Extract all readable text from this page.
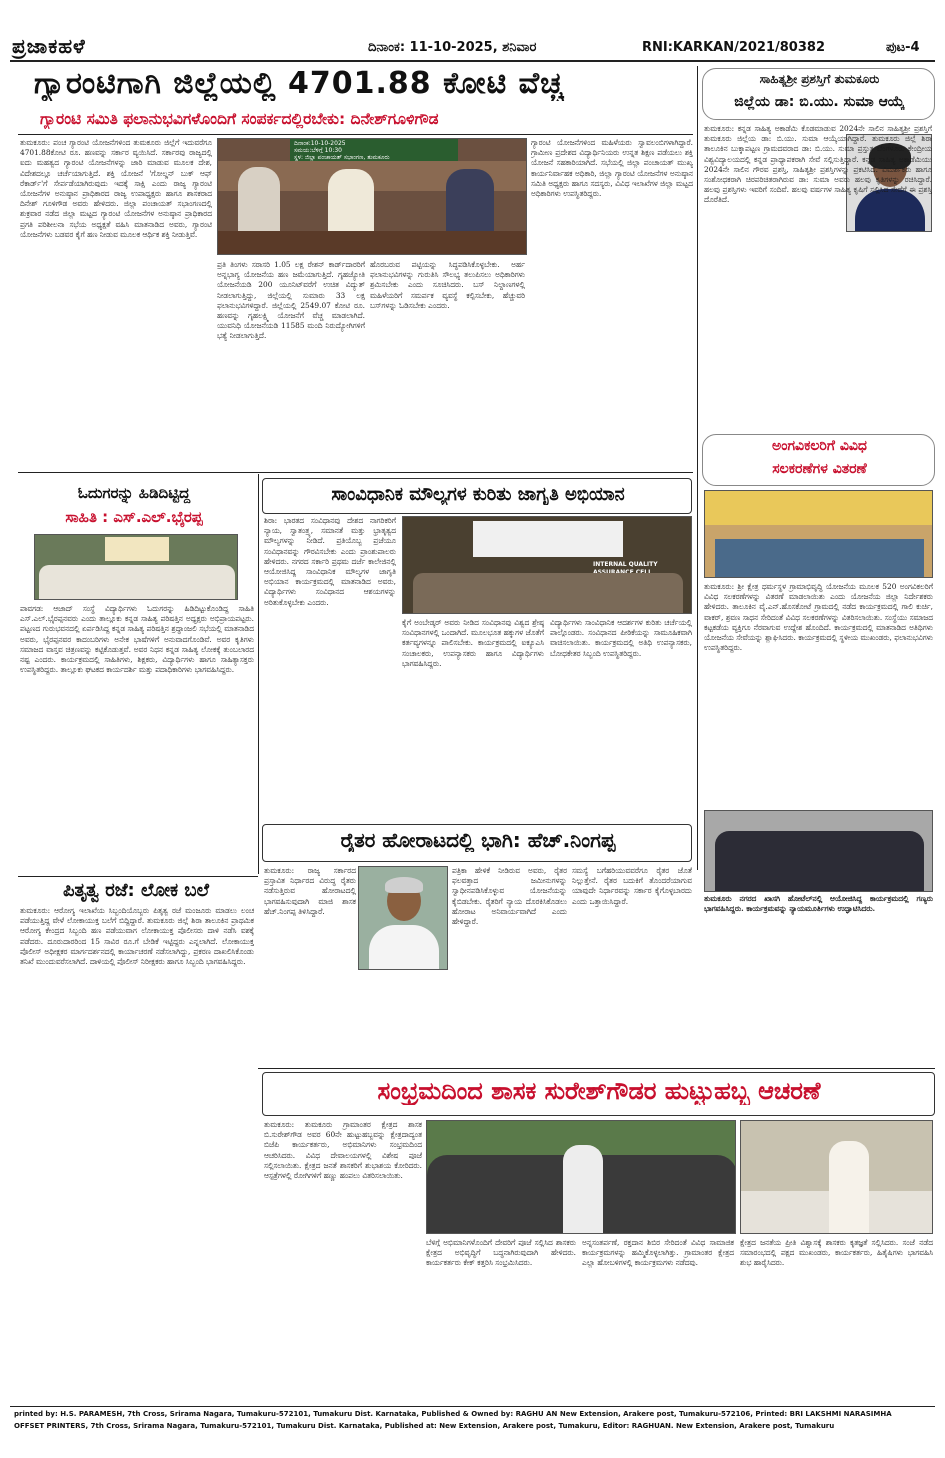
ಪ್ರಜಾಕಹಳೆ	ದಿನಾಂಕ: 11-10-2025, ಶನಿವಾರ	RNI:KARKAN/2021/80382	ಪುಟ-4
ಗ್ಯಾರಂಟಿಗಾಗಿ ಜಿಲ್ಲೆಯಲ್ಲಿ 4701.88 ಕೋಟಿ ವೆಚ್ಚ
ಗ್ಯಾರಂಟಿ ಸಮಿತಿ ಫಲಾನುಭವಿಗಳೊಂದಿಗೆ ಸಂಪರ್ಕದಲ್ಲಿರಬೇಕು: ದಿನೇಶ್‌ಗೂಳಿಗೌಡ
ತುಮಕೂರು: ಪಂಚ ಗ್ಯಾರಂಟಿ ಯೋಜನೆಗಳಿಂದ ತುಮಕೂರು ಜಿಲ್ಲೆಗೆ ಇದುವರೆಗೂ 4701.88ಕೋಟಿ ರೂ. ಹಣವನ್ನು ಸರ್ಕಾರ ವ್ಯಯಿಸಿದೆ. ಸರ್ಕಾರವು ರಾಜ್ಯದಲ್ಲಿ ಐದು ಮಹತ್ವದ ಗ್ಯಾರಂಟಿ ಯೋಜನೆಗಳನ್ನು ಜಾರಿ ಮಾಡುವ ಮೂಲಕ ದೇಶ, ವಿದೇಶದಲ್ಲೂ ಚರ್ಚೆಯಾಗುತ್ತಿದೆ. ಶಕ್ತಿ ಯೋಜನೆ 'ಗೋಲ್ಡನ್ ಬುಕ್ ಆಫ್ ರೆಕಾರ್ಡ್'ಗೆ ಸೇರ್ಪಡೆಯಾಗಿರುವುದು ಇದಕ್ಕೆ ಸಾಕ್ಷಿ ಎಂದು ರಾಜ್ಯ ಗ್ಯಾರಂಟಿ ಯೋಜನೆಗಳ ಅನುಷ್ಠಾನ ಪ್ರಾಧಿಕಾರದ ರಾಜ್ಯ ಉಪಾಧ್ಯಕ್ಷರು ಹಾಗೂ ಶಾಸಕರಾದ ದಿನೇಶ್ ಗೂಳಿಗೌಡ ಅವರು ಹೇಳಿದರು. ಜಿಲ್ಲಾ ಪಂಚಾಯತ್ ಸಭಾಂಗಣದಲ್ಲಿ ಶುಕ್ರವಾರ ನಡೆದ ಜಿಲ್ಲಾ ಮಟ್ಟದ ಗ್ಯಾರಂಟಿ ಯೋಜನೆಗಳ ಅನುಷ್ಠಾನ ಪ್ರಾಧಿಕಾರದ ಪ್ರಗತಿ ಪರಿಶೀಲನಾ ಸಭೆಯ ಅಧ್ಯಕ್ಷತೆ ವಹಿಸಿ ಮಾತನಾಡಿದ ಅವರು, ಗ್ಯಾರಂಟಿ ಯೋಜನೆಗಳು ಬಡವರ ಕೈಗೆ ಹಣ ನೀಡುವ ಮೂಲಕ ಆರ್ಥಿಕ ಶಕ್ತಿ ನೀಡುತ್ತಿವೆ.
ದಿನಾಂಕ:10-10-2025
ಸಮಯ:ಬೆಳಿಗ್ಗೆ 10:30
ಸ್ಥಳ: ಜಿಲ್ಲಾ ಪಂಚಾಯತ್ ಸಭಾಂಗಣ, ತುಮಕೂರು
ಪ್ರತಿ ತಿಂಗಳು ಸರಾಸರಿ 1.05 ಲಕ್ಷ ರೇಶನ್ ಕಾರ್ಡ್‌ದಾರರಿಗೆ ಅನ್ನಭಾಗ್ಯ ಯೋಜನೆಯ ಹಣ ಜಮೆಯಾಗುತ್ತಿದೆ. ಗೃಹಜ್ಯೋತಿ ಯೋಜನೆಯಡಿ 200 ಯೂನಿಟ್‌ವರೆಗೆ ಉಚಿತ ವಿದ್ಯುತ್ ನೀಡಲಾಗುತ್ತಿದ್ದು, ಜಿಲ್ಲೆಯಲ್ಲಿ ಸುಮಾರು 33 ಲಕ್ಷ ಫಲಾನುಭವಿಗಳಿದ್ದಾರೆ. ಜಿಲ್ಲೆಯಲ್ಲಿ 2549.07 ಕೋಟಿ ರೂ. ಹಣವನ್ನು ಗೃಹಲಕ್ಷ್ಮಿ ಯೋಜನೆಗೆ ವೆಚ್ಚ ಮಾಡಲಾಗಿದೆ. ಯುವನಿಧಿ ಯೋಜನೆಯಡಿ 11585 ಮಂದಿ ನಿರುದ್ಯೋಗಿಗಳಿಗೆ ಭತ್ಯೆ ನೀಡಲಾಗುತ್ತಿದೆ.
ಹೊರಬರುವ ಪಟ್ಟಿಯನ್ನು ಸಿದ್ಧಪಡಿಸಿಕೊಳ್ಳಬೇಕು. ಅರ್ಹ ಫಲಾನುಭವಿಗಳನ್ನು ಗುರುತಿಸಿ ಸೌಲಭ್ಯ ತಲುಪಿಸಲು ಅಧಿಕಾರಿಗಳು ಶ್ರಮಿಸಬೇಕು ಎಂದು ಸೂಚಿಸಿದರು. ಬಸ್ ನಿಲ್ದಾಣಗಳಲ್ಲಿ ಮಹಿಳೆಯರಿಗೆ ಸಮರ್ಪಕ ವ್ಯವಸ್ಥೆ ಕಲ್ಪಿಸಬೇಕು, ಹೆಚ್ಚುವರಿ ಬಸ್‌ಗಳನ್ನು ಓಡಿಸಬೇಕು ಎಂದರು.
ಗ್ಯಾರಂಟಿ ಯೋಜನೆಗಳಿಂದ ಮಹಿಳೆಯರು ಸ್ವಾವಲಂಬಿಗಳಾಗಿದ್ದಾರೆ. ಗ್ರಾಮೀಣ ಪ್ರದೇಶದ ವಿದ್ಯಾರ್ಥಿನಿಯರು ಉನ್ನತ ಶಿಕ್ಷಣ ಪಡೆಯಲು ಶಕ್ತಿ ಯೋಜನೆ ಸಹಕಾರಿಯಾಗಿದೆ. ಸಭೆಯಲ್ಲಿ ಜಿಲ್ಲಾ ಪಂಚಾಯತ್ ಮುಖ್ಯ ಕಾರ್ಯನಿರ್ವಾಹಕ ಅಧಿಕಾರಿ, ಜಿಲ್ಲಾ ಗ್ಯಾರಂಟಿ ಯೋಜನೆಗಳ ಅನುಷ್ಠಾನ ಸಮಿತಿ ಅಧ್ಯಕ್ಷರು ಹಾಗೂ ಸದಸ್ಯರು, ವಿವಿಧ ಇಲಾಖೆಗಳ ಜಿಲ್ಲಾ ಮಟ್ಟದ ಅಧಿಕಾರಿಗಳು ಉಪಸ್ಥಿತರಿದ್ದರು.
ಸಾಹಿತ್ಯಶ್ರೀ ಪ್ರಶಸ್ತಿಗೆ ತುಮಕೂರು
ಜಿಲ್ಲೆಯ ಡಾ: ಬಿ.ಯು. ಸುಮಾ ಆಯ್ಕೆ
ತುಮಕೂರು: ಕನ್ನಡ ಸಾಹಿತ್ಯ ಅಕಾಡೆಮಿ ಕೊಡಮಾಡುವ 2024ನೇ ಸಾಲಿನ ಸಾಹಿತ್ಯಶ್ರೀ ಪ್ರಶಸ್ತಿಗೆ ತುಮಕೂರು ಜಿಲ್ಲೆಯ ಡಾ: ಬಿ.ಯು. ಸುಮಾ ಆಯ್ಕೆಯಾಗಿದ್ದಾರೆ. ತುಮಕೂರು ಜಿಲ್ಲೆ ಶಿರಾ ತಾಲೂಕಿನ ಬುಕ್ಕಾಪಟ್ಟಣ ಗ್ರಾಮದವರಾದ ಡಾ: ಬಿ.ಯು. ಸುಮಾ ಪ್ರಸ್ತುತ ಬೆಂಗಳೂರು ಕೇಂದ್ರೀಯ ವಿಶ್ವವಿದ್ಯಾಲಯದಲ್ಲಿ ಕನ್ನಡ ಪ್ರಾಧ್ಯಾಪಕರಾಗಿ ಸೇವೆ ಸಲ್ಲಿಸುತ್ತಿದ್ದಾರೆ. ಕನ್ನಡ ಸಾಹಿತ್ಯ ಅಕಾಡೆಮಿಯು 2024ನೇ ಸಾಲಿನ ಗೌರವ ಪ್ರಶಸ್ತಿ, ಸಾಹಿತ್ಯಶ್ರೀ ಪ್ರಶಸ್ತಿಗಳನ್ನು ಪ್ರಕಟಿಸಿದೆ. ವಿಮರ್ಶಕರು ಹಾಗೂ ಸಂಶೋಧಕರಾಗಿ ಚಿರಪರಿಚಿತರಾಗಿರುವ ಡಾ: ಸುಮಾ ಅವರು ಹಲವು ಕೃತಿಗಳನ್ನು ರಚಿಸಿದ್ದಾರೆ. ಹಲವು ಪ್ರಶಸ್ತಿಗಳು ಇವರಿಗೆ ಸಂದಿವೆ. ಹಲವು ವರ್ಷಗಳ ಸಾಹಿತ್ಯ ಕೃಷಿಗೆ ಸಲ್ಲಿಸಿದ ಸೇವೆಗೆ ಈ ಪ್ರಶಸ್ತಿ ದೊರೆತಿದೆ.
ಅಂಗವಿಕಲರಿಗೆ ವಿವಿಧ
ಸಲಕರಣೆಗಳ ವಿತರಣೆ
ತುಮಕೂರು: ಶ್ರೀ ಕ್ಷೇತ್ರ ಧರ್ಮಸ್ಥಳ ಗ್ರಾಮಾಭಿವೃದ್ಧಿ ಯೋಜನೆಯ ಮೂಲಕ 520 ಅಂಗವಿಕಲರಿಗೆ ವಿವಿಧ ಸಲಕರಣೆಗಳನ್ನು ವಿತರಣೆ ಮಾಡಲಾಯಿತು ಎಂದು ಯೋಜನೆಯ ಜಿಲ್ಲಾ ನಿರ್ದೇಶಕರು ಹೇಳಿದರು. ತಾಲೂಕಿನ ವೈ.ಎನ್.ಹೊಸಕೋಟೆ ಗ್ರಾಮದಲ್ಲಿ ನಡೆದ ಕಾರ್ಯಕ್ರಮದಲ್ಲಿ ಗಾಲಿ ಕುರ್ಚಿ, ವಾಕರ್, ಶ್ರವಣ ಸಾಧನ ಸೇರಿದಂತೆ ವಿವಿಧ ಸಲಕರಣೆಗಳನ್ನು ವಿತರಿಸಲಾಯಿತು. ಸಂಸ್ಥೆಯು ಸಮಾಜದ ಕಟ್ಟಕಡೆಯ ವ್ಯಕ್ತಿಗೂ ನೆರವಾಗುವ ಉದ್ದೇಶ ಹೊಂದಿದೆ. ಕಾರ್ಯಕ್ರಮದಲ್ಲಿ ಮಾತನಾಡಿದ ಅತಿಥಿಗಳು ಯೋಜನೆಯ ಸೇವೆಯನ್ನು ಶ್ಲಾಘಿಸಿದರು. ಕಾರ್ಯಕ್ರಮದಲ್ಲಿ ಸ್ಥಳೀಯ ಮುಖಂಡರು, ಫಲಾನುಭವಿಗಳು ಉಪಸ್ಥಿತರಿದ್ದರು.
ತುಮಕೂರು ನಗರದ ಖಾಸಗಿ ಹೋಟೆಲ್‌ನಲ್ಲಿ ಆಯೋಜಿಸಿದ್ದ ಕಾರ್ಯಕ್ರಮದಲ್ಲಿ ಗಣ್ಯರು ಭಾಗವಹಿಸಿದ್ದರು. ಕಾರ್ಯಕ್ರಮವನ್ನು ನ್ಯಾಯಮೂರ್ತಿಗಳು ಉದ್ಘಾಟಿಸಿದರು.
ಓದುಗರನ್ನು ಹಿಡಿದಿಟ್ಟಿದ್ದ
ಸಾಹಿತಿ : ಎಸ್.ಎಲ್.ಭೈರಪ್ಪ
ಪಾವಗಡ: ಆಜಾದ್ ಸಂಸ್ಥೆ ವಿದ್ಯಾರ್ಥಿಗಳು ಓದುಗರನ್ನು ಹಿಡಿದಿಟ್ಟುಕೊಂಡಿದ್ದ ಸಾಹಿತಿ ಎಸ್.ಎಲ್.ಭೈರಪ್ಪನವರು ಎಂದು ತಾಲ್ಲೂಕು ಕನ್ನಡ ಸಾಹಿತ್ಯ ಪರಿಷತ್ತಿನ ಅಧ್ಯಕ್ಷರು ಅಭಿಪ್ರಾಯಪಟ್ಟರು. ಪಟ್ಟಣದ ಗುರುಭವನದಲ್ಲಿ ಏರ್ಪಡಿಸಿದ್ದ ಕನ್ನಡ ಸಾಹಿತ್ಯ ಪರಿಷತ್ತಿನ ಶ್ರದ್ಧಾಂಜಲಿ ಸಭೆಯಲ್ಲಿ ಮಾತನಾಡಿದ ಅವರು, ಭೈರಪ್ಪನವರ ಕಾದಂಬರಿಗಳು ಅನೇಕ ಭಾಷೆಗಳಿಗೆ ಅನುವಾದಗೊಂಡಿವೆ. ಅವರ ಕೃತಿಗಳು ಸಮಾಜದ ವಾಸ್ತವ ಚಿತ್ರಣವನ್ನು ಕಟ್ಟಿಕೊಡುತ್ತವೆ. ಅವರ ನಿಧನ ಕನ್ನಡ ಸಾಹಿತ್ಯ ಲೋಕಕ್ಕೆ ತುಂಬಲಾರದ ನಷ್ಟ ಎಂದರು. ಕಾರ್ಯಕ್ರಮದಲ್ಲಿ ಸಾಹಿತಿಗಳು, ಶಿಕ್ಷಕರು, ವಿದ್ಯಾರ್ಥಿಗಳು ಹಾಗೂ ಸಾಹಿತ್ಯಾಸಕ್ತರು ಉಪಸ್ಥಿತರಿದ್ದರು. ತಾಲ್ಲೂಕು ಘಟಕದ ಕಾರ್ಯದರ್ಶಿ ಮತ್ತು ಪದಾಧಿಕಾರಿಗಳು ಭಾಗವಹಿಸಿದ್ದರು.
ಪಿತೃತ್ವ ರಜೆ: ಲೋಕ ಬಲೆ
ತುಮಕೂರು: ಆರೋಗ್ಯ ಇಲಾಖೆಯ ಸಿಬ್ಬಂದಿಯೊಬ್ಬರು ಪಿತೃತ್ವ ರಜೆ ಮಂಜೂರು ಮಾಡಲು ಲಂಚ ಪಡೆಯುತ್ತಿದ್ದ ವೇಳೆ ಲೋಕಾಯುಕ್ತ ಬಲೆಗೆ ಬಿದ್ದಿದ್ದಾರೆ. ತುಮಕೂರು ಜಿಲ್ಲೆ ಶಿರಾ ತಾಲೂಕಿನ ಪ್ರಾಥಮಿಕ ಆರೋಗ್ಯ ಕೇಂದ್ರದ ಸಿಬ್ಬಂದಿ ಹಣ ಪಡೆಯುವಾಗ ಲೋಕಾಯುಕ್ತ ಪೊಲೀಸರು ದಾಳಿ ನಡೆಸಿ ವಶಕ್ಕೆ ಪಡೆದರು. ದೂರುದಾರರಿಂದ 15 ಸಾವಿರ ರೂ.ಗೆ ಬೇಡಿಕೆ ಇಟ್ಟಿದ್ದರು ಎನ್ನಲಾಗಿದೆ. ಲೋಕಾಯುಕ್ತ ಪೊಲೀಸ್ ಅಧೀಕ್ಷಕರ ಮಾರ್ಗದರ್ಶನದಲ್ಲಿ ಕಾರ್ಯಾಚರಣೆ ನಡೆಸಲಾಗಿದ್ದು, ಪ್ರಕರಣ ದಾಖಲಿಸಿಕೊಂಡು ತನಿಖೆ ಮುಂದುವರೆಸಲಾಗಿದೆ. ದಾಳಿಯಲ್ಲಿ ಪೊಲೀಸ್ ನಿರೀಕ್ಷಕರು ಹಾಗೂ ಸಿಬ್ಬಂದಿ ಭಾಗವಹಿಸಿದ್ದರು.
ಸಾಂವಿಧಾನಿಕ ಮೌಲ್ಯಗಳ ಕುರಿತು ಜಾಗೃತಿ ಅಭಿಯಾನ
ಶಿರಾ: ಭಾರತದ ಸಂವಿಧಾನವು ದೇಶದ ನಾಗರಿಕರಿಗೆ ನ್ಯಾಯ, ಸ್ವಾತಂತ್ರ್ಯ, ಸಮಾನತೆ ಮತ್ತು ಭ್ರಾತೃತ್ವದ ಮೌಲ್ಯಗಳನ್ನು ನೀಡಿದೆ. ಪ್ರತಿಯೊಬ್ಬ ಪ್ರಜೆಯೂ ಸಂವಿಧಾನವನ್ನು ಗೌರವಿಸಬೇಕು ಎಂದು ಪ್ರಾಂಶುಪಾಲರು ಹೇಳಿದರು. ನಗರದ ಸರ್ಕಾರಿ ಪ್ರಥಮ ದರ್ಜೆ ಕಾಲೇಜಿನಲ್ಲಿ ಆಯೋಜಿಸಿದ್ದ ಸಾಂವಿಧಾನಿಕ ಮೌಲ್ಯಗಳ ಜಾಗೃತಿ ಅಭಿಯಾನ ಕಾರ್ಯಕ್ರಮದಲ್ಲಿ ಮಾತನಾಡಿದ ಅವರು, ವಿದ್ಯಾರ್ಥಿಗಳು ಸಂವಿಧಾನದ ಆಶಯಗಳನ್ನು ಅರಿತುಕೊಳ್ಳಬೇಕು ಎಂದರು.
INTERNAL QUALITY
ಕೈಗೆ ಅಂಬೇಡ್ಕರ್ ಅವರು ನೀಡಿದ ಸಂವಿಧಾನವು ವಿಶ್ವದ ಶ್ರೇಷ್ಠ ಸಂವಿಧಾನಗಳಲ್ಲಿ ಒಂದಾಗಿದೆ. ಮೂಲಭೂತ ಹಕ್ಕುಗಳ ಜೊತೆಗೆ ಕರ್ತವ್ಯಗಳನ್ನೂ ಪಾಲಿಸಬೇಕು. ಕಾರ್ಯಕ್ರಮದಲ್ಲಿ ಐಕ್ಯೂಎಸಿ ಸಂಚಾಲಕರು, ಉಪನ್ಯಾಸಕರು ಹಾಗೂ ವಿದ್ಯಾರ್ಥಿಗಳು ಭಾಗವಹಿಸಿದ್ದರು.
ವಿದ್ಯಾರ್ಥಿಗಳು ಸಾಂವಿಧಾನಿಕ ಆದರ್ಶಗಳ ಕುರಿತು ಚರ್ಚೆಯಲ್ಲಿ ಪಾಲ್ಗೊಂಡರು. ಸಂವಿಧಾನದ ಪೀಠಿಕೆಯನ್ನು ಸಾಮೂಹಿಕವಾಗಿ ವಾಚಿಸಲಾಯಿತು. ಕಾರ್ಯಕ್ರಮದಲ್ಲಿ ಅತಿಥಿ ಉಪನ್ಯಾಸಕರು, ಬೋಧಕೇತರ ಸಿಬ್ಬಂದಿ ಉಪಸ್ಥಿತರಿದ್ದರು.
ರೈತರ ಹೋರಾಟದಲ್ಲಿ ಭಾಗಿ: ಹೆಚ್.ನಿಂಗಪ್ಪ
ತುಮಕೂರು: ರಾಜ್ಯ ಸರ್ಕಾರದ ಪ್ರಸ್ತಾವಿತ ನಿರ್ಧಾರದ ವಿರುದ್ಧ ರೈತರು ನಡೆಸುತ್ತಿರುವ ಹೋರಾಟದಲ್ಲಿ ಭಾಗವಹಿಸುವುದಾಗಿ ಮಾಜಿ ಶಾಸಕ ಹೆಚ್.ನಿಂಗಪ್ಪ ತಿಳಿಸಿದ್ದಾರೆ.
ಪತ್ರಿಕಾ ಹೇಳಿಕೆ ನೀಡಿರುವ ಅವರು, ರೈತರ ಫಲವತ್ತಾದ ಜಮೀನುಗಳನ್ನು ಸ್ವಾಧೀನಪಡಿಸಿಕೊಳ್ಳುವ ಯೋಜನೆಯನ್ನು ಕೈಬಿಡಬೇಕು. ರೈತರಿಗೆ ನ್ಯಾಯ ದೊರಕಿಸಿಕೊಡಲು ಹೋರಾಟ ಅನಿವಾರ್ಯವಾಗಿದೆ ಎಂದು ಹೇಳಿದ್ದಾರೆ.
ಸಮಸ್ಯೆ ಬಗೆಹರಿಯುವವರೆಗೂ ರೈತರ ಜೊತೆ ನಿಲ್ಲುತ್ತೇನೆ. ರೈತರ ಬದುಕಿಗೆ ತೊಂದರೆಯಾಗುವ ಯಾವುದೇ ನಿರ್ಧಾರವನ್ನು ಸರ್ಕಾರ ಕೈಗೊಳ್ಳಬಾರದು ಎಂದು ಒತ್ತಾಯಿಸಿದ್ದಾರೆ.
ಸಂಭ್ರಮದಿಂದ ಶಾಸಕ ಸುರೇಶ್‌ಗೌಡರ ಹುಟ್ಟುಹಬ್ಬ ಆಚರಣೆ
ತುಮಕೂರು: ತುಮಕೂರು ಗ್ರಾಮಾಂತರ ಕ್ಷೇತ್ರದ ಶಾಸಕ ಬಿ.ಸುರೇಶ್‌ಗೌಡ ಅವರ 60ನೇ ಹುಟ್ಟುಹಬ್ಬವನ್ನು ಕ್ಷೇತ್ರದಾದ್ಯಂತ ಬಿಜೆಪಿ ಕಾರ್ಯಕರ್ತರು, ಅಭಿಮಾನಿಗಳು ಸಂಭ್ರಮದಿಂದ ಆಚರಿಸಿದರು. ವಿವಿಧ ದೇವಾಲಯಗಳಲ್ಲಿ ವಿಶೇಷ ಪೂಜೆ ಸಲ್ಲಿಸಲಾಯಿತು. ಕ್ಷೇತ್ರದ ಜನತೆ ಶಾಸಕರಿಗೆ ಶುಭಾಶಯ ಕೋರಿದರು. ಆಸ್ಪತ್ರೆಗಳಲ್ಲಿ ರೋಗಿಗಳಿಗೆ ಹಣ್ಣು ಹಂಪಲು ವಿತರಿಸಲಾಯಿತು.
ಬೆಳಿಗ್ಗೆ ಅಭಿಮಾನಿಗಳೊಂದಿಗೆ ದೇವರಿಗೆ ಪೂಜೆ ಸಲ್ಲಿಸಿದ ಶಾಸಕರು ಕ್ಷೇತ್ರದ ಅಭಿವೃದ್ಧಿಗೆ ಬದ್ಧನಾಗಿರುವುದಾಗಿ ಹೇಳಿದರು. ಕಾರ್ಯಕರ್ತರು ಕೇಕ್ ಕತ್ತರಿಸಿ ಸಂಭ್ರಮಿಸಿದರು.
ಅನ್ನಸಂತರ್ಪಣೆ, ರಕ್ತದಾನ ಶಿಬಿರ ಸೇರಿದಂತೆ ವಿವಿಧ ಸಾಮಾಜಿಕ ಕಾರ್ಯಕ್ರಮಗಳನ್ನು ಹಮ್ಮಿಕೊಳ್ಳಲಾಗಿತ್ತು. ಗ್ರಾಮಾಂತರ ಕ್ಷೇತ್ರದ ಎಲ್ಲಾ ಹೋಬಳಿಗಳಲ್ಲಿ ಕಾರ್ಯಕ್ರಮಗಳು ನಡೆದವು.
ಕ್ಷೇತ್ರದ ಜನತೆಯ ಪ್ರೀತಿ ವಿಶ್ವಾಸಕ್ಕೆ ಶಾಸಕರು ಕೃತಜ್ಞತೆ ಸಲ್ಲಿಸಿದರು. ಸಂಜೆ ನಡೆದ ಸಮಾರಂಭದಲ್ಲಿ ಪಕ್ಷದ ಮುಖಂಡರು, ಕಾರ್ಯಕರ್ತರು, ಹಿತೈಷಿಗಳು ಭಾಗವಹಿಸಿ ಶುಭ ಹಾರೈಸಿದರು.
printed by: H.S. PARAMESH, 7th Cross, Srirama Nagara, Tumakuru-572101, Tumakuru Dist. Karnataka, Published & Owned by: RAGHU AN New Extension, Arakere post, Tumakuru-572106, Printed: BRI LAKSHMI NARASIMHA
OFFSET PRINTERS, 7th Cross, Srirama Nagara, Tumakuru-572101, Tumakuru Dist. Karnataka, Published at: New Extension, Arakere post, Tumakuru, Editor: RAGHUAN. New Extension, Arakere post, Tumakuru
